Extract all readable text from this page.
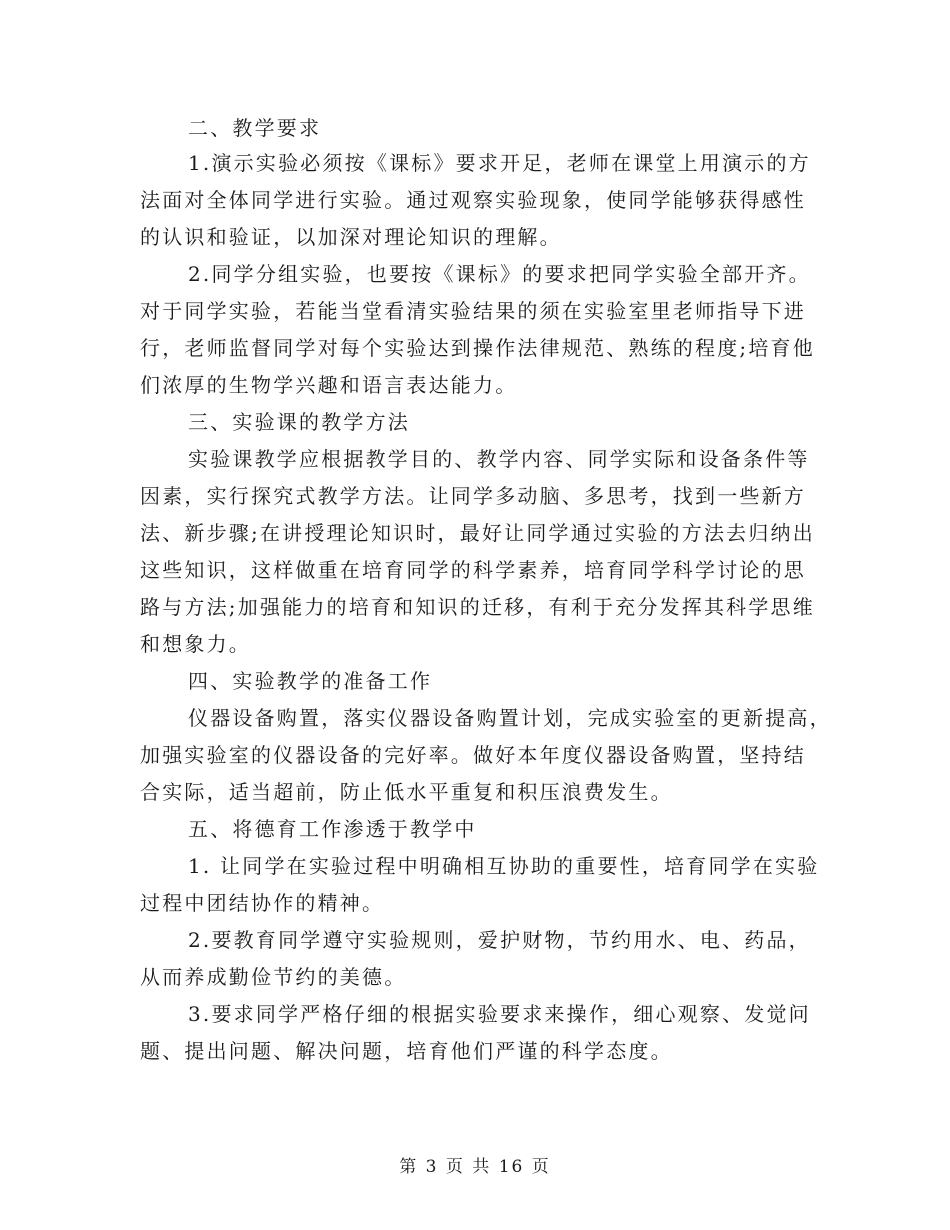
二、教学要求
1.演示实验必须按《课标》要求开足，老师在课堂上用演示的方
法面对全体同学进行实验。通过观察实验现象，使同学能够获得感性
的认识和验证，以加深对理论知识的理解。
2.同学分组实验，也要按《课标》的要求把同学实验全部开齐。
对于同学实验，若能当堂看清实验结果的须在实验室里老师指导下进
行，老师监督同学对每个实验达到操作法律规范、熟练的程度;培育他
们浓厚的生物学兴趣和语言表达能力。
三、实验课的教学方法
实验课教学应根据教学目的、教学内容、同学实际和设备条件等
因素，实行探究式教学方法。让同学多动脑、多思考，找到一些新方
法、新步骤;在讲授理论知识时，最好让同学通过实验的方法去归纳出
这些知识，这样做重在培育同学的科学素养，培育同学科学讨论的思
路与方法;加强能力的培育和知识的迁移，有利于充分发挥其科学思维
和想象力。
四、实验教学的准备工作
仪器设备购置，落实仪器设备购置计划，完成实验室的更新提高，
加强实验室的仪器设备的完好率。做好本年度仪器设备购置，坚持结
合实际，适当超前，防止低水平重复和积压浪费发生。
五、将德育工作渗透于教学中
1. 让同学在实验过程中明确相互协助的重要性，培育同学在实验
过程中团结协作的精神。
2.要教育同学遵守实验规则，爱护财物，节约用水、电、药品，
从而养成勤俭节约的美德。
3.要求同学严格仔细的根据实验要求来操作，细心观察、发觉问
题、提出问题、解决问题，培育他们严谨的科学态度。
第 3 页 共 16 页
